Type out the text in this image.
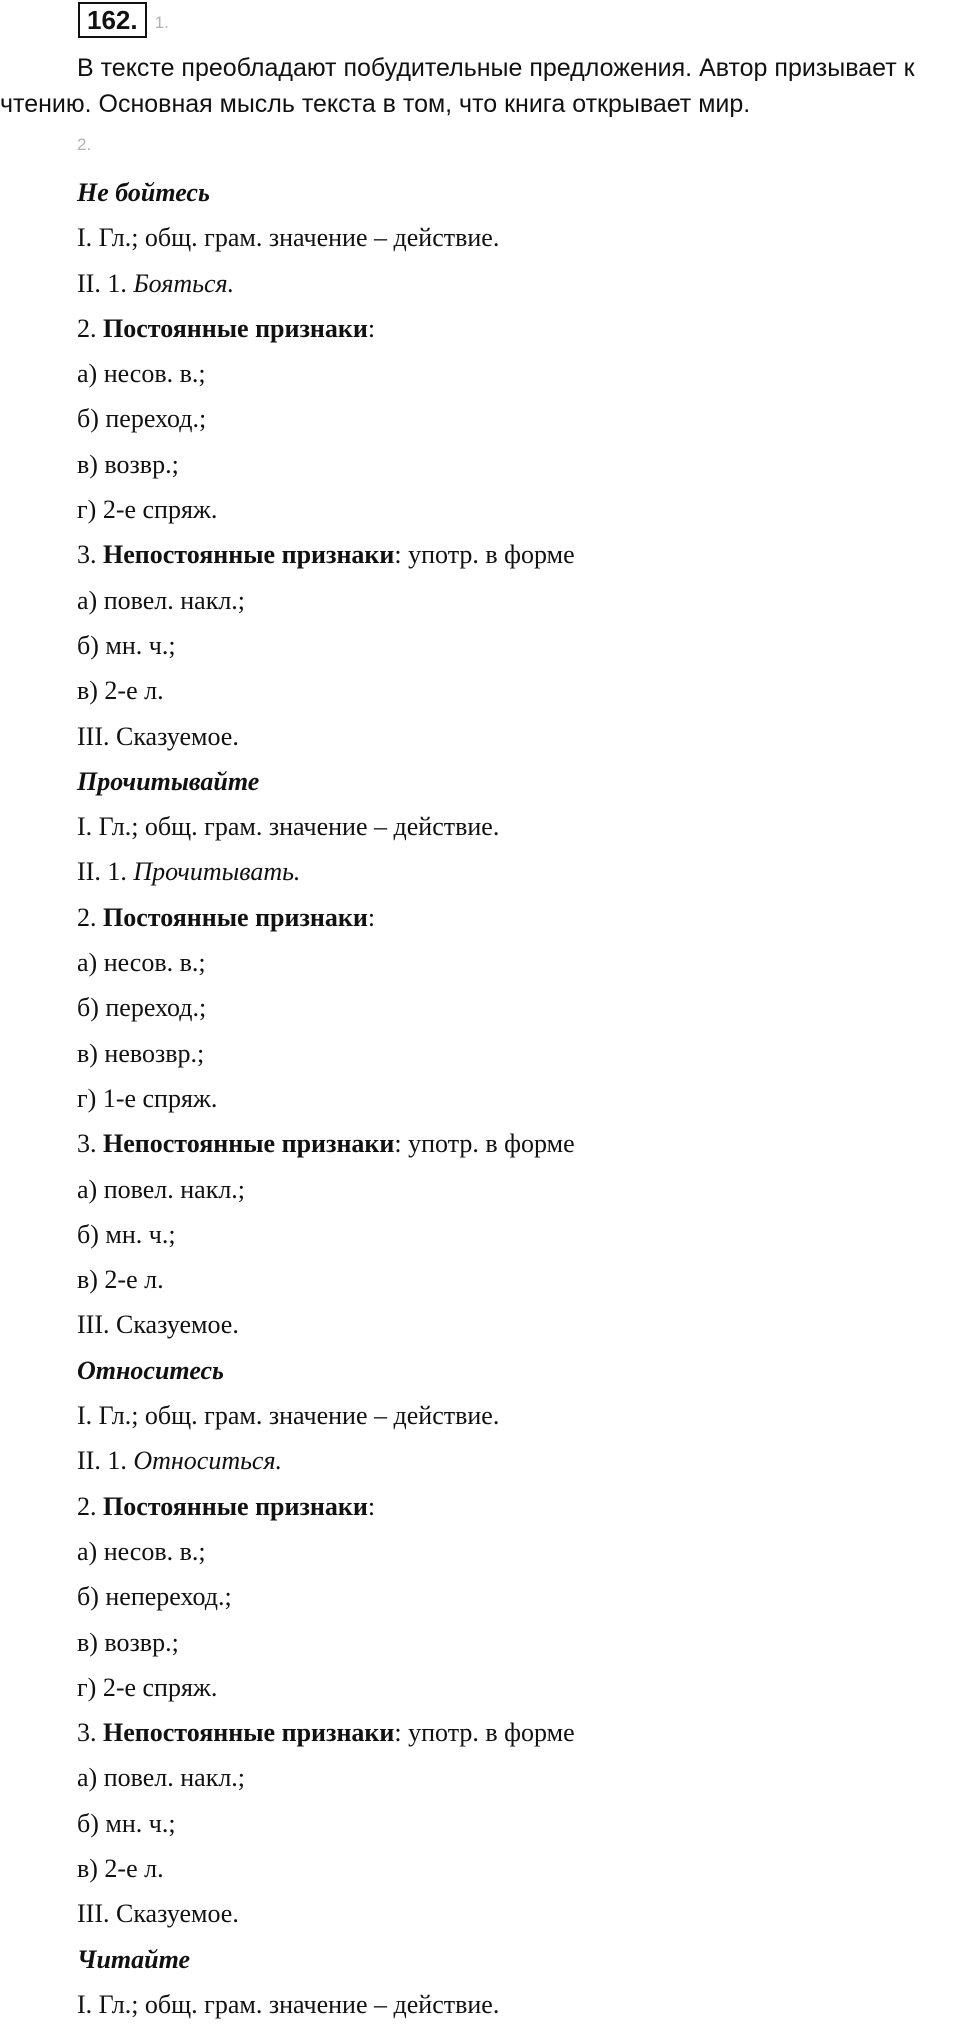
162.	1.
В тексте преобладают побудительные предложения. Автор призывает к
чтению. Основная мысль текста в том, что книга открывает мир.
2.
Не бойтесь
I. Гл.; общ. грам. значение – действие.
II. 1. Бояться.
2. Постоянные признаки:
а) несов. в.;
б) переход.;
в) возвр.;
г) 2-е спряж.
3. Непостоянные признаки: употр. в форме
а) повел. накл.;
б) мн. ч.;
в) 2-е л.
III. Сказуемое.
Прочитывайте
I. Гл.; общ. грам. значение – действие.
II. 1. Прочитывать.
2. Постоянные признаки:
а) несов. в.;
б) переход.;
в) невозвр.;
г) 1-е спряж.
3. Непостоянные признаки: употр. в форме
а) повел. накл.;
б) мн. ч.;
в) 2-е л.
III. Сказуемое.
Относитесь
I. Гл.; общ. грам. значение – действие.
II. 1. Относиться.
2. Постоянные признаки:
а) несов. в.;
б) непереход.;
в) возвр.;
г) 2-е спряж.
3. Непостоянные признаки: употр. в форме
а) повел. накл.;
б) мн. ч.;
в) 2-е л.
III. Сказуемое.
Читайте
I. Гл.; общ. грам. значение – действие.
